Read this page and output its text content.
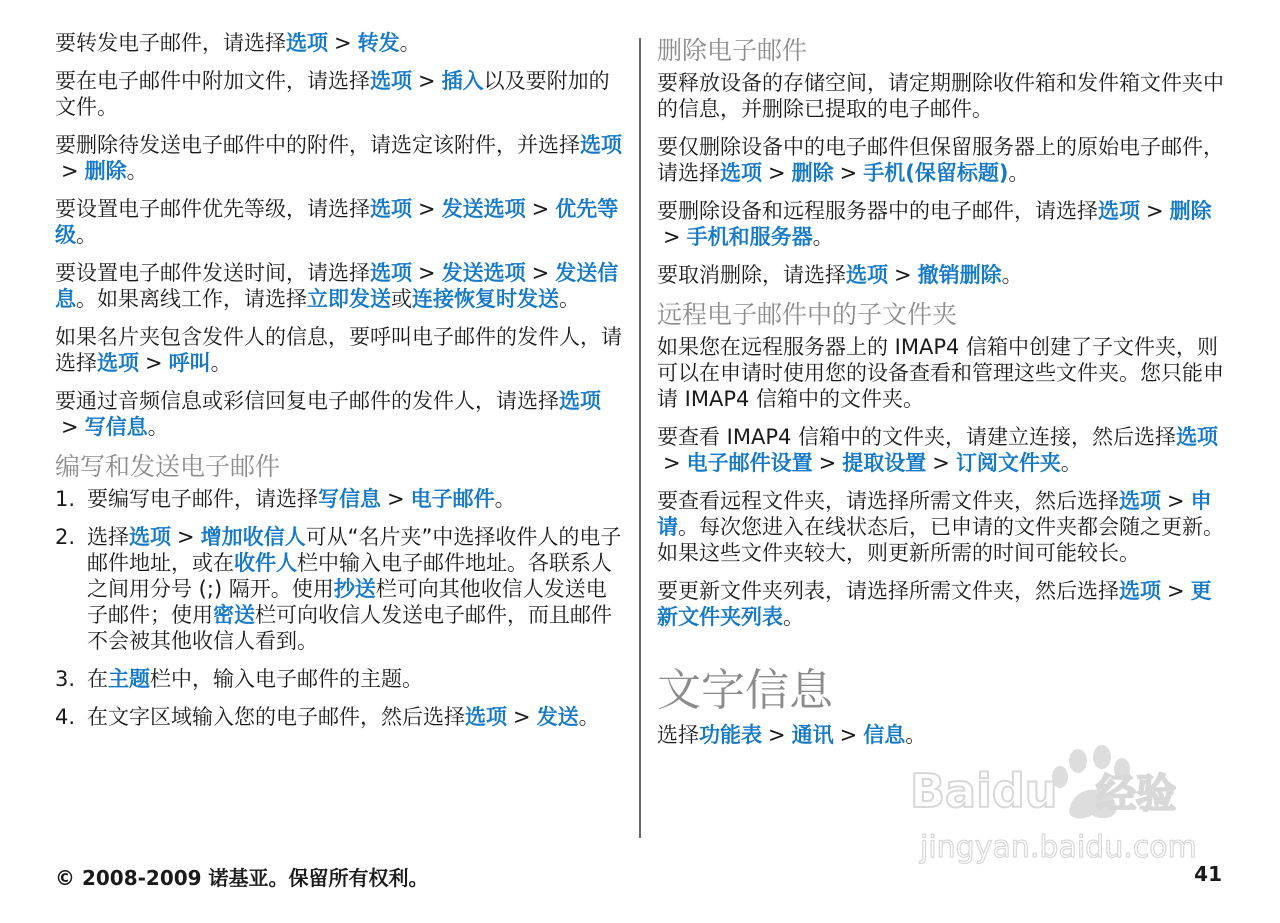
要转发电子邮件，请选择选项 > 转发。

要在电子邮件中附加文件，请选择选项 > 插入以及要附加的文件。

要删除待发送电子邮件中的附件，请选定该附件，并选择选项> 删除。

要设置电子邮件优先等级，请选择选项 > 发送选项 > 优先等级。

要设置电子邮件发送时间，请选择选项 > 发送选项 > 发送信息。如果离线工作，请选择立即发送或连接恢复时发送。

如果名片夹包含发件人的信息，要呼叫电子邮件的发件人，请选择选项 > 呼叫。

要通过音频信息或彩信回复电子邮件的发件人，请选择选项> 写信息。

编写和发送电子邮件
1. 要编写电子邮件，请选择写信息 > 电子邮件。
2. 选择选项 > 增加收信人可从“名片夹”中选择收件人的电子邮件地址，或在收件人栏中输入电子邮件地址。各联系人之间用分号 (;) 隔开。使用抄送栏可向其他收信人发送电子邮件；使用密送栏可向收信人发送电子邮件，而且邮件不会被其他收信人看到。
3. 在主题栏中，输入电子邮件的主题。
4. 在文字区域输入您的电子邮件，然后选择选项 > 发送。
删除电子邮件

要释放设备的存储空间，请定期删除收件箱和发件箱文件夹中的信息，并删除已提取的电子邮件。

要仅删除设备中的电子邮件但保留服务器上的原始电子邮件，请选择选项 > 删除 > 手机(保留标题)。

要删除设备和远程服务器中的电子邮件，请选择选项 > 删除> 手机和服务器。

要取消删除，请选择选项 > 撤销删除。

远程电子邮件中的子文件夹

如果您在远程服务器上的 IMAP4 信箱中创建了子文件夹，则可以在申请时使用您的设备查看和管理这些文件夹。您只能申请 IMAP4 信箱中的文件夹。

要查看 IMAP4 信箱中的文件夹，请建立连接，然后选择选项> 电子邮件设置 > 提取设置 > 订阅文件夹。

要查看远程文件夹，请选择所需文件夹，然后选择选项 > 申请。每次您进入在线状态后，已申请的文件夹都会随之更新。如果这些文件夹较大，则更新所需的时间可能较长。

要更新文件夹列表，请选择所需文件夹，然后选择选项 > 更新文件夹列表。

文字信息

选择功能表 > 通讯 > 信息。

Baidu 经验
jingyan.baidu.com
© 2008-2009 诺基亚。保留所有权利。	41
